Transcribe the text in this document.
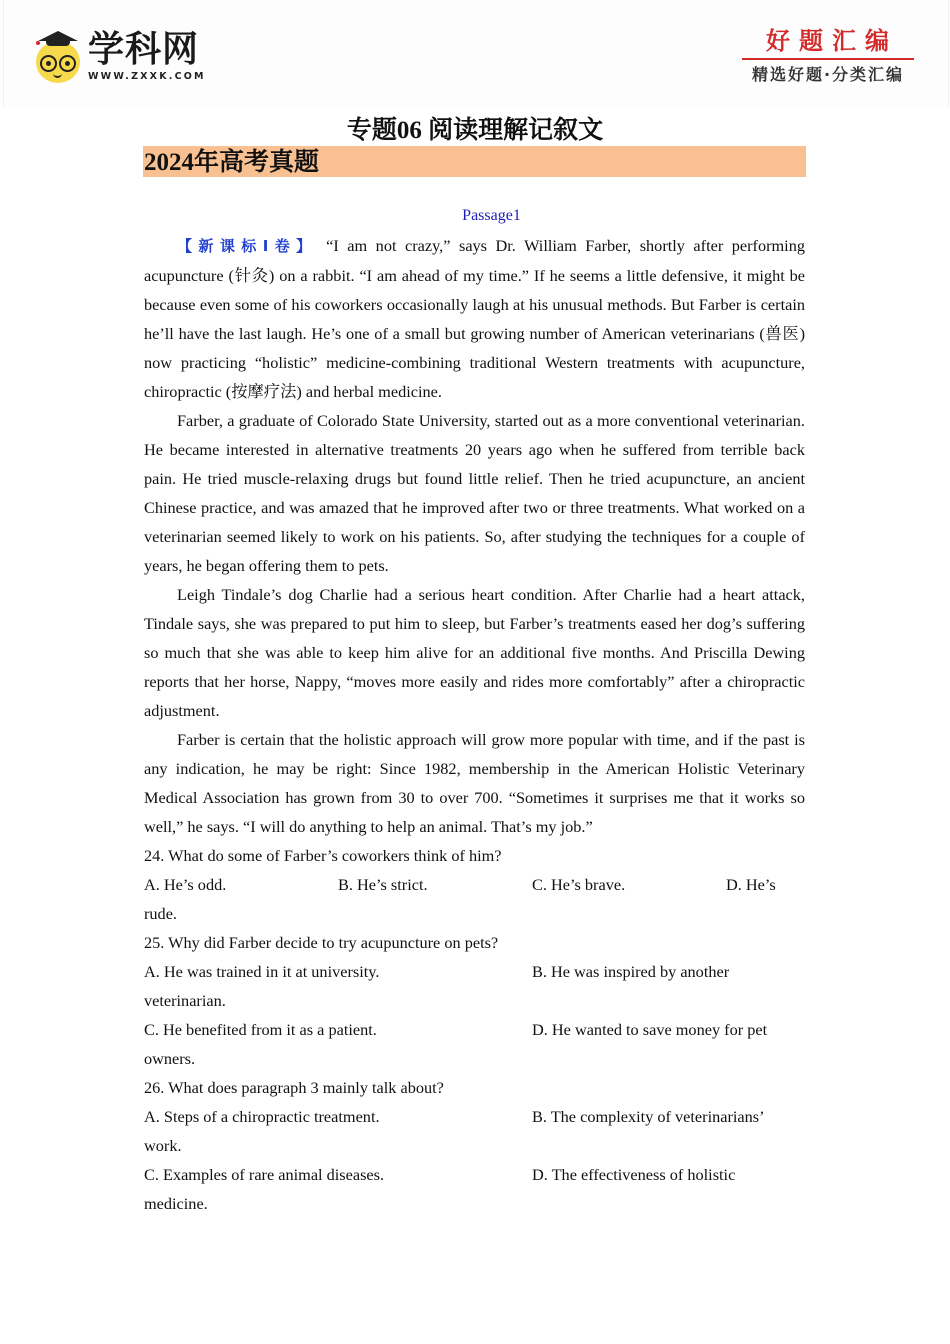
学科网
WWW.ZXXK.COM
好题汇编
精选好题·分类汇编
专题06 阅读理解记叙文
2024年高考真题
Passage1

【新课标Ⅰ卷】 “I am not crazy,” says Dr. William Farber, shortly after performing acupuncture (针灸) on a rabbit. “I am ahead of my time.” If he seems a little defensive, it might be because even some of his coworkers occasionally laugh at his unusual methods. But Farber is certain he’ll have the last laugh. He’s one of a small but growing number of American veterinarians (兽医) now practicing “holistic” medicine-combining traditional Western treatments with acupuncture, chiropractic (按摩疗法) and herbal medicine.

Farber, a graduate of Colorado State University, started out as a more conventional veterinarian. He became interested in alternative treatments 20 years ago when he suffered from terrible back pain. He tried muscle-relaxing drugs but found little relief. Then he tried acupuncture, an ancient Chinese practice, and was amazed that he improved after two or three treatments. What worked on a veterinarian seemed likely to work on his patients. So, after studying the techniques for a couple of years, he began offering them to pets.

Leigh Tindale’s dog Charlie had a serious heart condition. After Charlie had a heart attack, Tindale says, she was prepared to put him to sleep, but Farber’s treatments eased her dog’s suffering so much that she was able to keep him alive for an additional five months. And Priscilla Dewing reports that her horse, Nappy, “moves more easily and rides more comfortably” after a chiropractic adjustment.

Farber is certain that the holistic approach will grow more popular with time, and if the past is any indication, he may be right: Since 1982, membership in the American Holistic Veterinary Medical Association has grown from 30 to over 700. “Sometimes it surprises me that it works so well,” he says. “I will do anything to help an animal. That’s my job.”

24. What do some of Farber’s coworkers think of him?

A. He’s odd.	B. He’s strict.	C. He’s brave.	D. He’s

rude.

25. Why did Farber decide to try acupuncture on pets?

A. He was trained in it at university.	B. He was inspired by another

veterinarian.

C. He benefited from it as a patient.	D. He wanted to save money for pet

owners.

26. What does paragraph 3 mainly talk about?

A. Steps of a chiropractic treatment.	B. The complexity of veterinarians’

work.

C. Examples of rare animal diseases.	D. The effectiveness of holistic

medicine.
